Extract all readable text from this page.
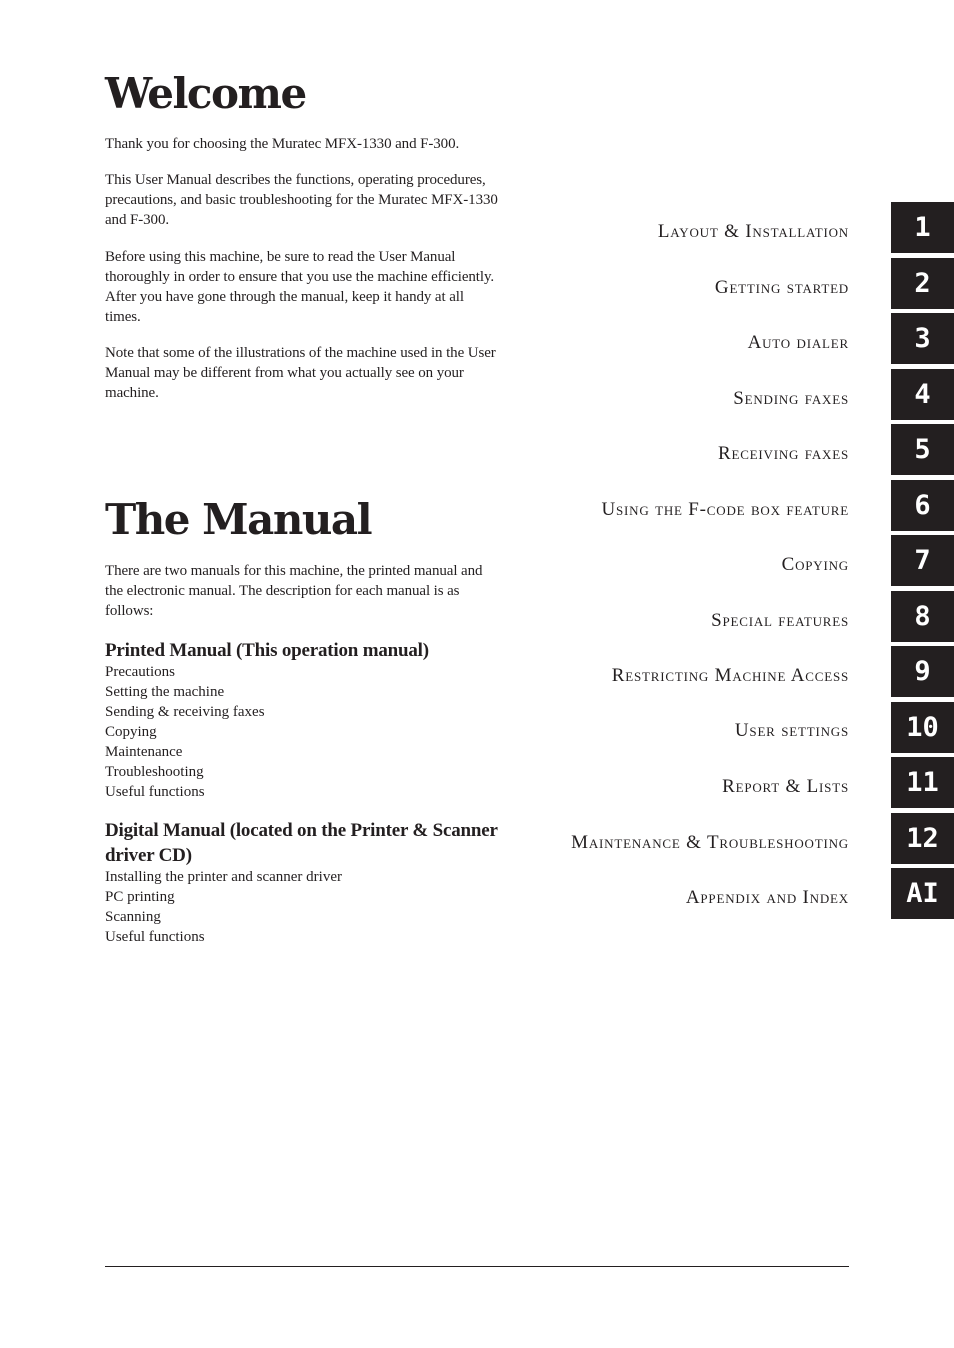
Welcome

Thank you for choosing the Muratec MFX-1330 and F-300.

This User Manual describes the functions, operating procedures, precautions, and basic troubleshooting for the Muratec MFX-1330 and F-300.

Before using this machine, be sure to read the User Manual thoroughly in order to ensure that you use the machine efficiently. After you have gone through the manual, keep it handy at all times.

Note that some of the illustrations of the machine used in the User Manual may be different from what you actually see on your machine.

The Manual

There are two manuals for this machine, the printed manual and the electronic manual. The description for each manual is as follows:

Printed Manual (This operation manual)
Precautions
Setting the machine
Sending & receiving faxes
Copying
Maintenance
Troubleshooting
Useful functions
Digital Manual (located on the Printer & Scanner driver CD)
Installing the printer and scanner driver
PC printing
Scanning
Useful functions
Layout & Installation
Getting started
Auto dialer
Sending faxes
Receiving faxes
Using the F-code box feature
Copying
Special features
Restricting Machine Access
User settings
Report & Lists
Maintenance & Troubleshooting
Appendix and Index
1
2
3
4
5
6
7
8
9
10
11
12
AI
